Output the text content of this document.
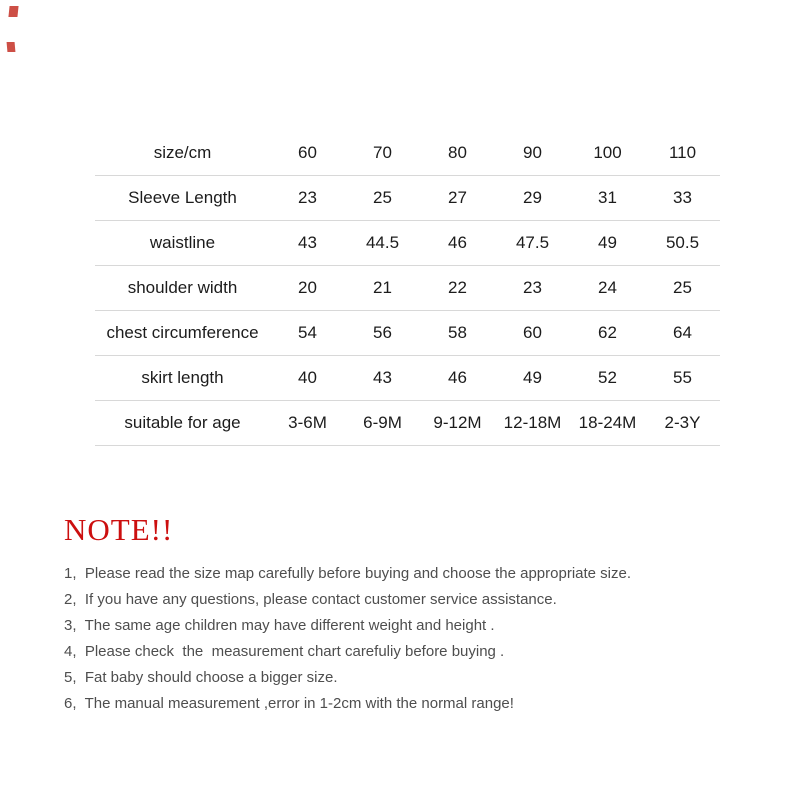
size/cm	60	70	80	90	100	110
Sleeve Length	23	25	27	29	31	33
waistline	43	44.5	46	47.5	49	50.5
shoulder width	20	21	22	23	24	25
chest circumference	54	56	58	60	62	64
skirt length	40	43	46	49	52	55
suitable for age	3-6M	6-9M	9-12M	12-18M	18-24M	2-3Y
NOTE!!
1,  Please read the size map carefully before buying and choose the appropriate size.
2,  If you have any questions, please contact customer service assistance.
3,  The same age children may have different weight and height .
4,  Please check  the  measurement chart carefuliy before buying .
5,  Fat baby should choose a bigger size.
6,  The manual measurement ,error in 1-2cm with the normal range!
